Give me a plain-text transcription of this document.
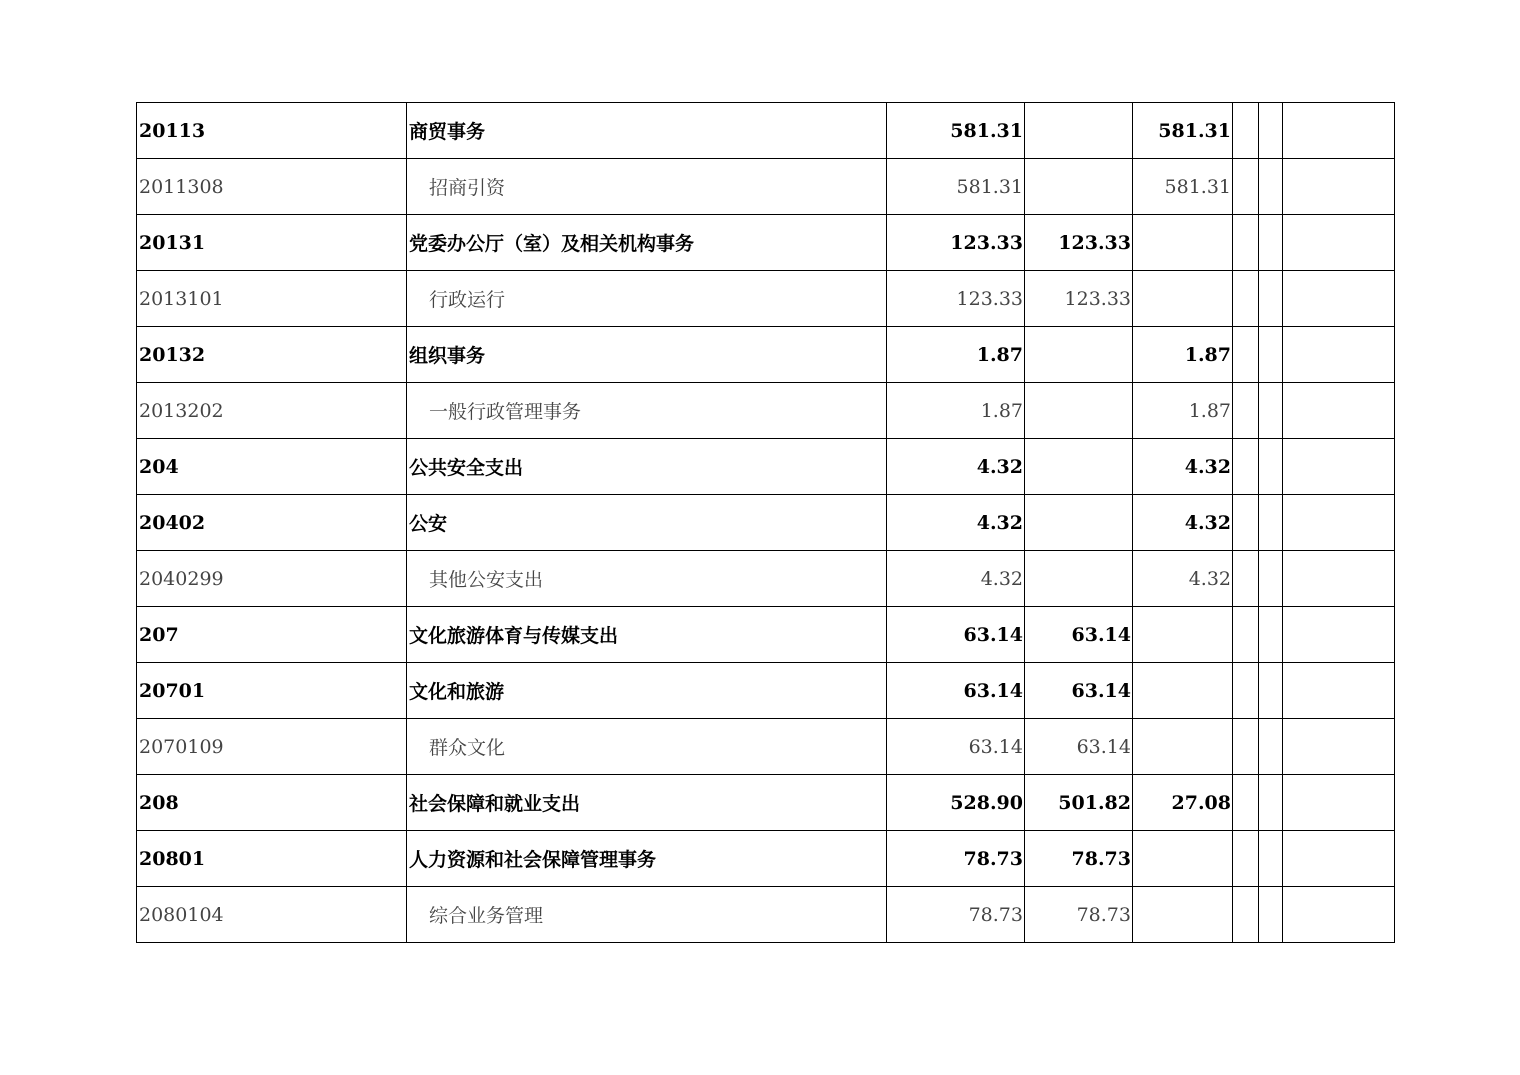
20113	商贸事务	581.31		581.31			
2011308	招商引资	581.31		581.31			
20131	党委办公厅（室）及相关机构事务	123.33	123.33				
2013101	行政运行	123.33	123.33				
20132	组织事务	1.87		1.87			
2013202	一般行政管理事务	1.87		1.87			
204	公共安全支出	4.32		4.32			
20402	公安	4.32		4.32			
2040299	其他公安支出	4.32		4.32			
207	文化旅游体育与传媒支出	63.14	63.14				
20701	文化和旅游	63.14	63.14				
2070109	群众文化	63.14	63.14				
208	社会保障和就业支出	528.90	501.82	27.08			
20801	人力资源和社会保障管理事务	78.73	78.73				
2080104	综合业务管理	78.73	78.73				
